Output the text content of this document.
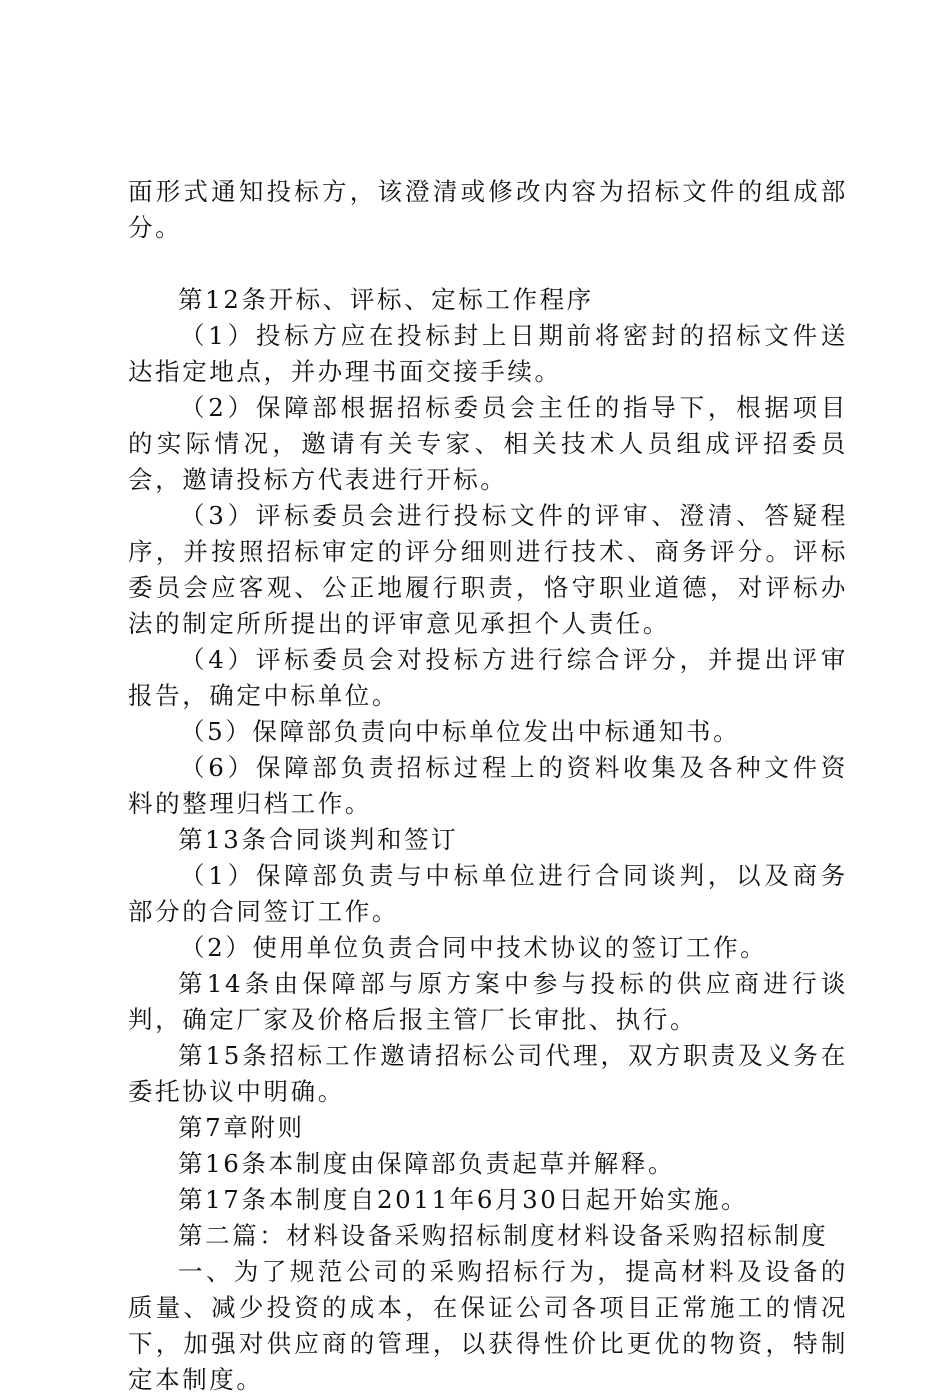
面形式通知投标方，该澄清或修改内容为招标文件的组成部分。

第12条开标、评标、定标工作程序

（1）投标方应在投标封上日期前将密封的招标文件送达指定地点，并办理书面交接手续。

（2）保障部根据招标委员会主任的指导下，根据项目的实际情况，邀请有关专家、相关技术人员组成评招委员会，邀请投标方代表进行开标。

（3）评标委员会进行投标文件的评审、澄清、答疑程序，并按照招标审定的评分细则进行技术、商务评分。评标委员会应客观、公正地履行职责，恪守职业道德，对评标办法的制定所所提出的评审意见承担个人责任。

（4）评标委员会对投标方进行综合评分，并提出评审报告，确定中标单位。

（5）保障部负责向中标单位发出中标通知书。

（6）保障部负责招标过程上的资料收集及各种文件资料的整理归档工作。

第13条合同谈判和签订

（1）保障部负责与中标单位进行合同谈判，以及商务部分的合同签订工作。

（2）使用单位负责合同中技术协议的签订工作。

第14条由保障部与原方案中参与投标的供应商进行谈判，确定厂家及价格后报主管厂长审批、执行。

第15条招标工作邀请招标公司代理，双方职责及义务在委托协议中明确。

第7章附则

第16条本制度由保障部负责起草并解释。

第17条本制度自2011年6月30日起开始实施。

第二篇：材料设备采购招标制度材料设备采购招标制度

一、为了规范公司的采购招标行为，提高材料及设备的质量、减少投资的成本，在保证公司各项目正常施工的情况下，加强对供应商的管理，以获得性价比更优的物资，特制定本制度。
